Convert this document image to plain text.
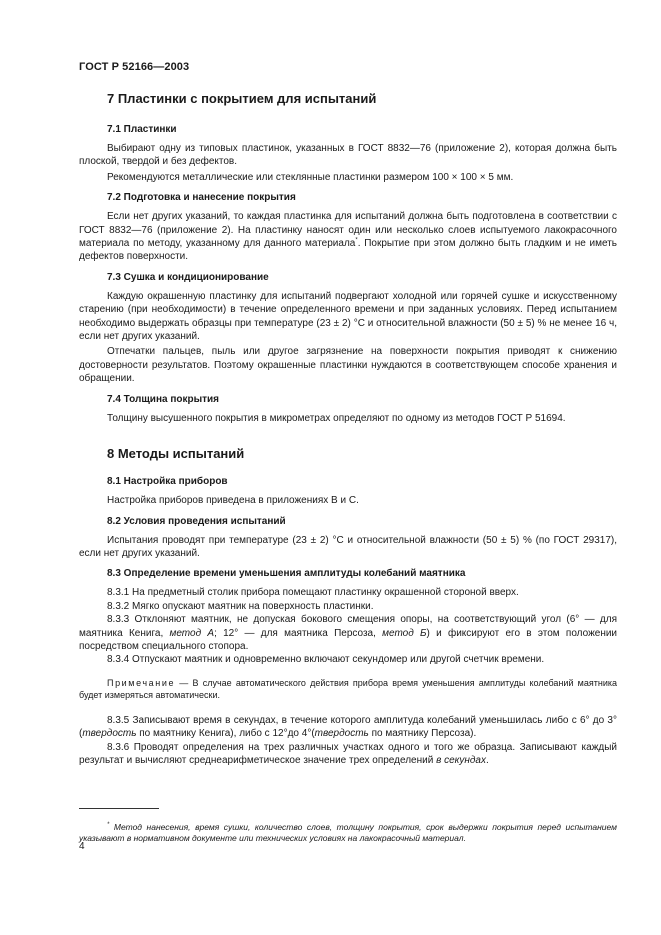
ГОСТ Р 52166—2003
7 Пластинки с покрытием для испытаний
7.1 Пластинки

Выбирают одну из типовых пластинок, указанных в ГОСТ 8832—76 (приложение 2), которая должна быть плоской, твердой и без дефектов.

Рекомендуются металлические или стеклянные пластинки размером 100 × 100 × 5 мм.

7.2 Подготовка и нанесение покрытия

Если нет других указаний, то каждая пластинка для испытаний должна быть подготовлена в соответствии с ГОСТ 8832—76 (приложение 2). На пластинку наносят один или несколько слоев испытуемого лакокрасочного материала по методу, указанному для данного материала*. Покрытие при этом должно быть гладким и не иметь дефектов поверхности.

7.3 Сушка и кондиционирование

Каждую окрашенную пластинку для испытаний подвергают холодной или горячей сушке и искусственному старению (при необходимости) в течение определенного времени и при заданных условиях. Перед испытанием необходимо выдержать образцы при температуре (23 ± 2) °С и относительной влажности (50 ± 5) % не менее 16 ч, если нет других указаний.

Отпечатки пальцев, пыль или другое загрязнение на поверхности покрытия приводят к снижению достоверности результатов. Поэтому окрашенные пластинки нуждаются в соответствующем способе хранения и обращении.

7.4 Толщина покрытия

Толщину высушенного покрытия в микрометрах определяют по одному из методов ГОСТ Р 51694.

8 Методы испытаний
8.1 Настройка приборов

Настройка приборов приведена в приложениях В и С.

8.2 Условия проведения испытаний

Испытания проводят при температуре (23 ± 2) °С и относительной влажности (50 ± 5) % (по ГОСТ 29317), если нет других указаний.

8.3 Определение времени уменьшения амплитуды колебаний маятника

8.3.1 На предметный столик прибора помещают пластинку окрашенной стороной вверх.

8.3.2 Мягко опускают маятник на поверхность пластинки.

8.3.3 Отклоняют маятник, не допуская бокового смещения опоры, на соответствующий угол (6° — для маятника Кенига, метод А; 12° — для маятника Персоза, метод Б) и фиксируют его в этом положении посредством специального стопора.

8.3.4 Отпускают маятник и одновременно включают секундомер или другой счетчик времени.

Примечание — В случае автоматического действия прибора время уменьшения амплитуды колебаний маятника будет измеряться автоматически.

8.3.5 Записывают время в секундах, в течение которого амплитуда колебаний уменьшилась либо с 6° до 3° (твердость по маятнику Кенига), либо с 12°до 4°(твердость по маятнику Персоза).

8.3.6 Проводят определения на трех различных участках одного и того же образца. Записывают каждый результат и вычисляют среднеарифметическое значение трех определений в секундах.

* Метод нанесения, время сушки, количество слоев, толщину покрытия, срок выдержки покрытия перед испытанием указывают в нормативном документе или технических условиях на лакокрасочный материал.

4
